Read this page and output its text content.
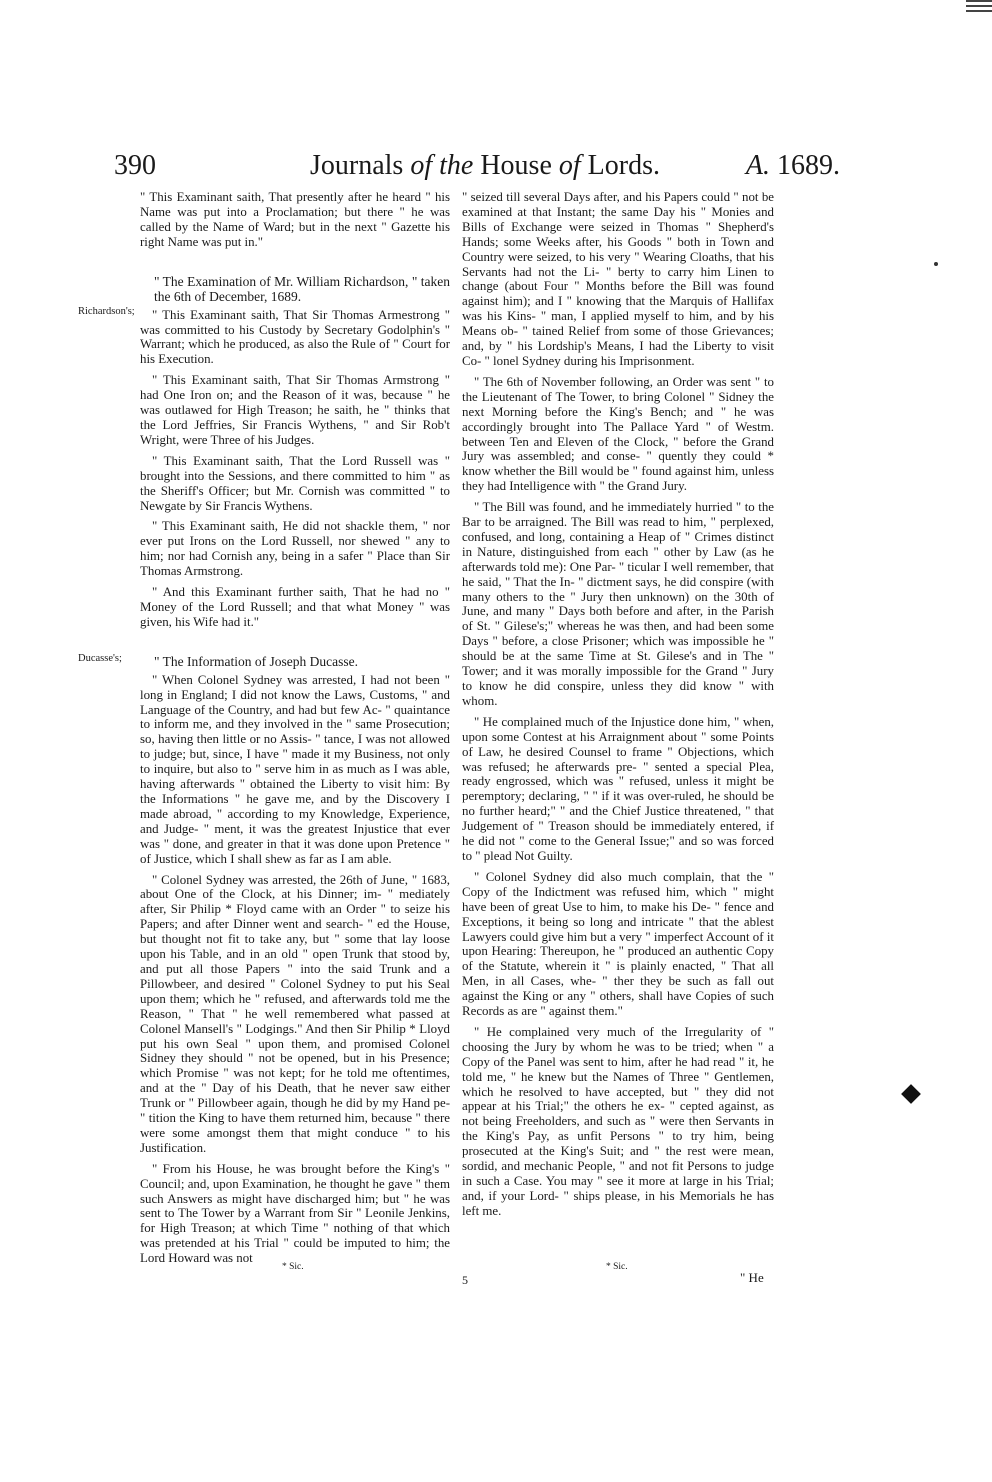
390	Journals of the House of Lords.	A. 1689.
Richardson's;
Ducasse's;

" This Examinant saith, That presently after he heard " his Name was put into a Proclamation; but there " he was called by the Name of Ward; but in the next " Gazette his right Name was put in."

" The Examination of Mr. William Richardson, " taken the 6th of December, 1689.

" This Examinant saith, That Sir Thomas Armestrong " was committed to his Custody by Secretary Godolphin's " Warrant; which he produced, as also the Rule of " Court for his Execution.

" This Examinant saith, That Sir Thomas Armstrong " had One Iron on; and the Reason of it was, because " he was outlawed for High Treason; he saith, he " thinks that the Lord Jeffries, Sir Francis Wythens, " and Sir Rob't Wright, were Three of his Judges.

" This Examinant saith, That the Lord Russell was " brought into the Sessions, and there committed to him " as the Sheriff's Officer; but Mr. Cornish was committed " to Newgate by Sir Francis Wythens.

" This Examinant saith, He did not shackle them, " nor ever put Irons on the Lord Russell, nor shewed " any to him; nor had Cornish any, being in a safer " Place than Sir Thomas Armstrong.

" And this Examinant further saith, That he had no " Money of the Lord Russell; and that what Money " was given, his Wife had it."

" The Information of Joseph Ducasse.

" When Colonel Sydney was arrested, I had not been " long in England; I did not know the Laws, Customs, " and Language of the Country, and had but few Ac- " quaintance to inform me, and they involved in the " same Prosecution; so, having then little or no Assis- " tance, I was not allowed to judge; but, since, I have " made it my Business, not only to inquire, but also to " serve him in as much as I was able, having afterwards " obtained the Liberty to visit him: By the Informations " he gave me, and by the Discovery I made abroad, " according to my Knowledge, Experience, and Judge- " ment, it was the greatest Injustice that ever was " done, and greater in that it was done upon Pretence " of Justice, which I shall shew as far as I am able.

" Colonel Sydney was arrested, the 26th of June, " 1683, about One of the Clock, at his Dinner; im- " mediately after, Sir Philip * Floyd came with an Order " to seize his Papers; and after Dinner went and search- " ed the House, but thought not fit to take any, but " some that lay loose upon his Table, and in an old " open Trunk that stood by, and put all those Papers " into the said Trunk and a Pillowbeer, and desired " Colonel Sydney to put his Seal upon them; which he " refused, and afterwards told me the Reason, " That " he well remembered what passed at Colonel Mansell's " Lodgings." And then Sir Philip * Lloyd put his own Seal " upon them, and promised Colonel Sidney they should " not be opened, but in his Presence; which Promise " was not kept; for he told me oftentimes, and at the " Day of his Death, that he never saw either Trunk or " Pillowbeer again, though he did by my Hand pe- " tition the King to have them returned him, because " there were some amongst them that might conduce " to his Justification.

" From his House, he was brought before the King's " Council; and, upon Examination, he thought he gave " them such Answers as might have discharged him; but " he was sent to The Tower by a Warrant from Sir " Leonile Jenkins, for High Treason; at which Time " nothing of that which was pretended at his Trial " could be imputed to him; the Lord Howard was not

" seized till several Days after, and his Papers could " not be examined at that Instant; the same Day his " Monies and Bills of Exchange were seized in Thomas " Shepherd's Hands; some Weeks after, his Goods " both in Town and Country were seized, to his very " Wearing Cloaths, that his Servants had not the Li- " berty to carry him Linen to change (about Four " Months before the Bill was found against him); and I " knowing that the Marquis of Hallifax was his Kins- " man, I applied myself to him, and by his Means ob- " tained Relief from some of those Grievances; and, by " his Lordship's Means, I had the Liberty to visit Co- " lonel Sydney during his Imprisonment.

" The 6th of November following, an Order was sent " to the Lieutenant of The Tower, to bring Colonel " Sidney the next Morning before the King's Bench; and " he was accordingly brought into The Pallace Yard " of Westm. between Ten and Eleven of the Clock, " before the Grand Jury was assembled; and conse- " quently they could * know whether the Bill would be " found against him, unless they had Intelligence with " the Grand Jury.

" The Bill was found, and he immediately hurried " to the Bar to be arraigned. The Bill was read to him, " perplexed, confused, and long, containing a Heap of " Crimes distinct in Nature, distinguished from each " other by Law (as he afterwards told me): One Par- " ticular I well remember, that he said, " That the In- " dictment says, he did conspire (with many others to the " Jury then unknown) on the 30th of June, and many " Days both before and after, in the Parish of St. " Gilese's;" whereas he was then, and had been some Days " before, a close Prisoner; which was impossible he " should be at the same Time at St. Gilese's and in The " Tower; and it was morally impossible for the Grand " Jury to know he did conspire, unless they did know " with whom.

" He complained much of the Injustice done him, " when, upon some Contest at his Arraignment about " some Points of Law, he desired Counsel to frame " Objections, which was refused; he afterwards pre- " sented a special Plea, ready engrossed, which was " refused, unless it might be peremptory; declaring, " " if it was over-ruled, he should be no further heard;" " and the Chief Justice threatened, " that Judgement of " Treason should be immediately entered, if he did not " come to the General Issue;" and so was forced to " plead Not Guilty.

" Colonel Sydney did also much complain, that the " Copy of the Indictment was refused him, which " might have been of great Use to him, to make his De- " fence and Exceptions, it being so long and intricate " that the ablest Lawyers could give him but a very " imperfect Account of it upon Hearing: Thereupon, he " produced an authentic Copy of the Statute, wherein it " is plainly enacted, " That all Men, in all Cases, whe- " ther they be such as fall out against the King or any " others, shall have Copies of such Records as are " against them."

" He complained very much of the Irregularity of " choosing the Jury by whom he was to be tried; when " a Copy of the Panel was sent to him, after he had read " it, he told me, " he knew but the Names of Three " Gentlemen, which he resolved to have accepted, but " they did not appear at his Trial;" the others he ex- " cepted against, as not being Freeholders, and such as " were then Servants in the King's Pay, as unfit Persons " to try him, being prosecuted at the King's Suit; and " the rest were mean, sordid, and mechanic People, " and not fit Persons to judge in such a Case. You may " see it more at large in his Trial; and, if your Lord- " ships please, in his Memorials he has left me.

* Sic.	* Sic.
5	" He
